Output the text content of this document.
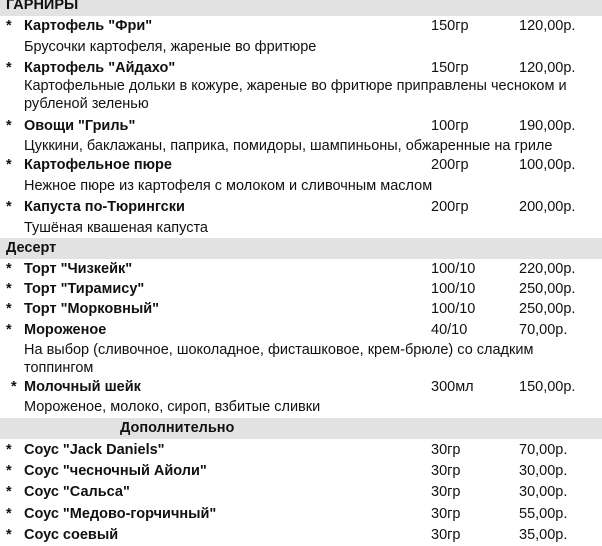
ГАРНИРЫ
* Картофель "Фри"	150гр	120,00р.
Брусочки картофеля, жареные во фритюре
* Картофель "Айдахо"	150гр	120,00р.
Картофельные дольки в кожуре, жареные во фритюре приправлены чесноком и рубленой зеленью
* Овощи "Гриль"	100гр	190,00р.
Цуккини, баклажаны, паприка, помидоры, шампиньоны, обжаренные на гриле
* Картофельное пюре	200гр	100,00р.
Нежное пюре из картофеля с молоком и сливочным маслом
* Капуста по-Тюрингски	200гр	200,00р.
Тушёная квашеная капуста
Десерт
* Торт "Чизкейк"	100/10	220,00р.
* Торт "Тирамису"	100/10	250,00р.
* Торт "Морковный"	100/10	250,00р.
* Мороженое	40/10	70,00р.
На выбор (сливочное, шоколадное, фисташковое, крем-брюле) со сладким топпингом
* Молочный шейк	300мл	150,00р.
Мороженое, молоко, сироп, взбитые сливки
Дополнительно
* Соус "Jack Daniels"	30гр	70,00р.
* Соус "чесночный Айоли"	30гр	30,00р.
* Соус "Сальса"	30гр	30,00р.
* Соус "Медово-горчичный"	30гр	55,00р.
* Соус соевый	30гр	35,00р.
